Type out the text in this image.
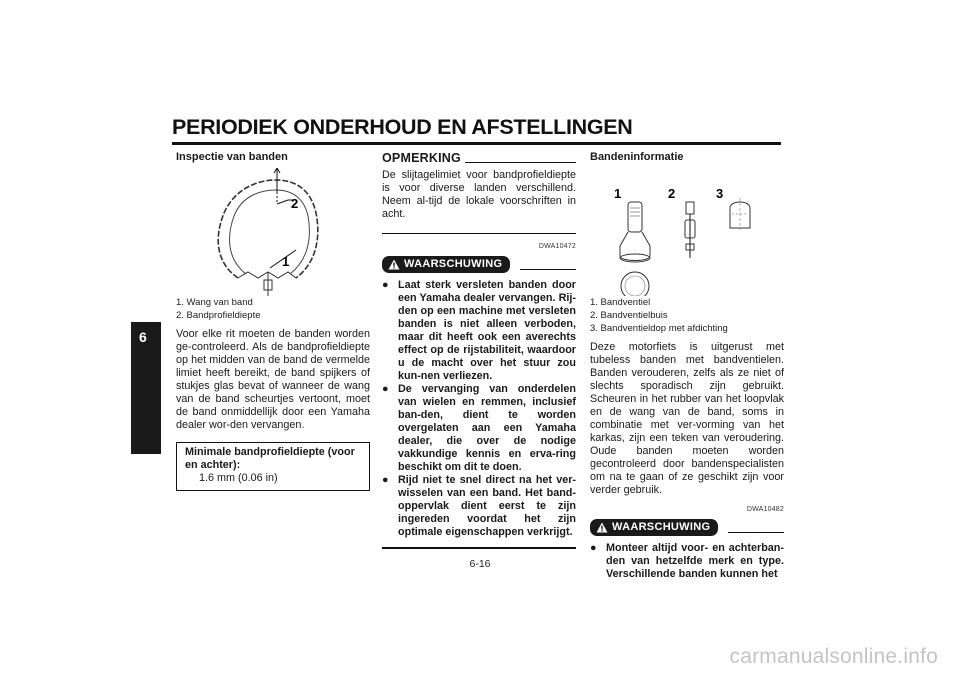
PERIODIEK ONDERHOUD EN AFSTELLINGEN
6
Inspectie van banden
2
1
1. Wang van band
2. Bandprofieldiepte
Voor elke rit moeten de banden worden ge-controleerd. Als de bandprofieldiepte op het midden van de band de vermelde limiet heeft bereikt, de band spijkers of stukjes glas bevat of wanneer de wang van de band scheurtjes vertoont, moet de band onmiddellijk door een Yamaha dealer wor-den vervangen.
Minimale bandprofieldiepte (voor en achter):
1.6 mm (0.06 in)
OPMERKING
De slijtagelimiet voor bandprofieldiepte is voor diverse landen verschillend. Neem al-tijd de lokale voorschriften in acht.
DWA10472
WAARSCHUWING
● Laat sterk versleten banden door een Yamaha dealer vervangen. Rij-den op een machine met versleten banden is niet alleen verboden, maar dit heeft ook een averechts effect op de rijstabiliteit, waardoor u de macht over het stuur zou kun-nen verliezen.
● De vervanging van onderdelen van wielen en remmen, inclusief ban-den, dient te worden overgelaten aan een Yamaha dealer, die over de nodige vakkundige kennis en erva-ring beschikt om dit te doen.
● Rijd niet te snel direct na het ver-wisselen van een band. Het band-oppervlak dient eerst te zijn ingereden voordat het zijn optimale eigenschappen verkrijgt.
Bandeninformatie
1	2	3
1. Bandventiel
2. Bandventielbuis
3. Bandventieldop met afdichting
Deze motorfiets is uitgerust met tubeless banden met bandventielen. Banden verouderen, zelfs als ze niet of slechts sporadisch zijn gebruikt. Scheuren in het rubber van het loopvlak en de wang van de band, soms in combinatie met ver-vorming van het karkas, zijn een teken van veroudering. Oude banden moeten worden gecontroleerd door bandenspecialisten om na te gaan of ze geschikt zijn voor verder gebruik.
DWA10482
WAARSCHUWING
● Monteer altijd voor- en achterban-den van hetzelfde merk en type. Verschillende banden kunnen het
6-16
carmanualsonline.info
